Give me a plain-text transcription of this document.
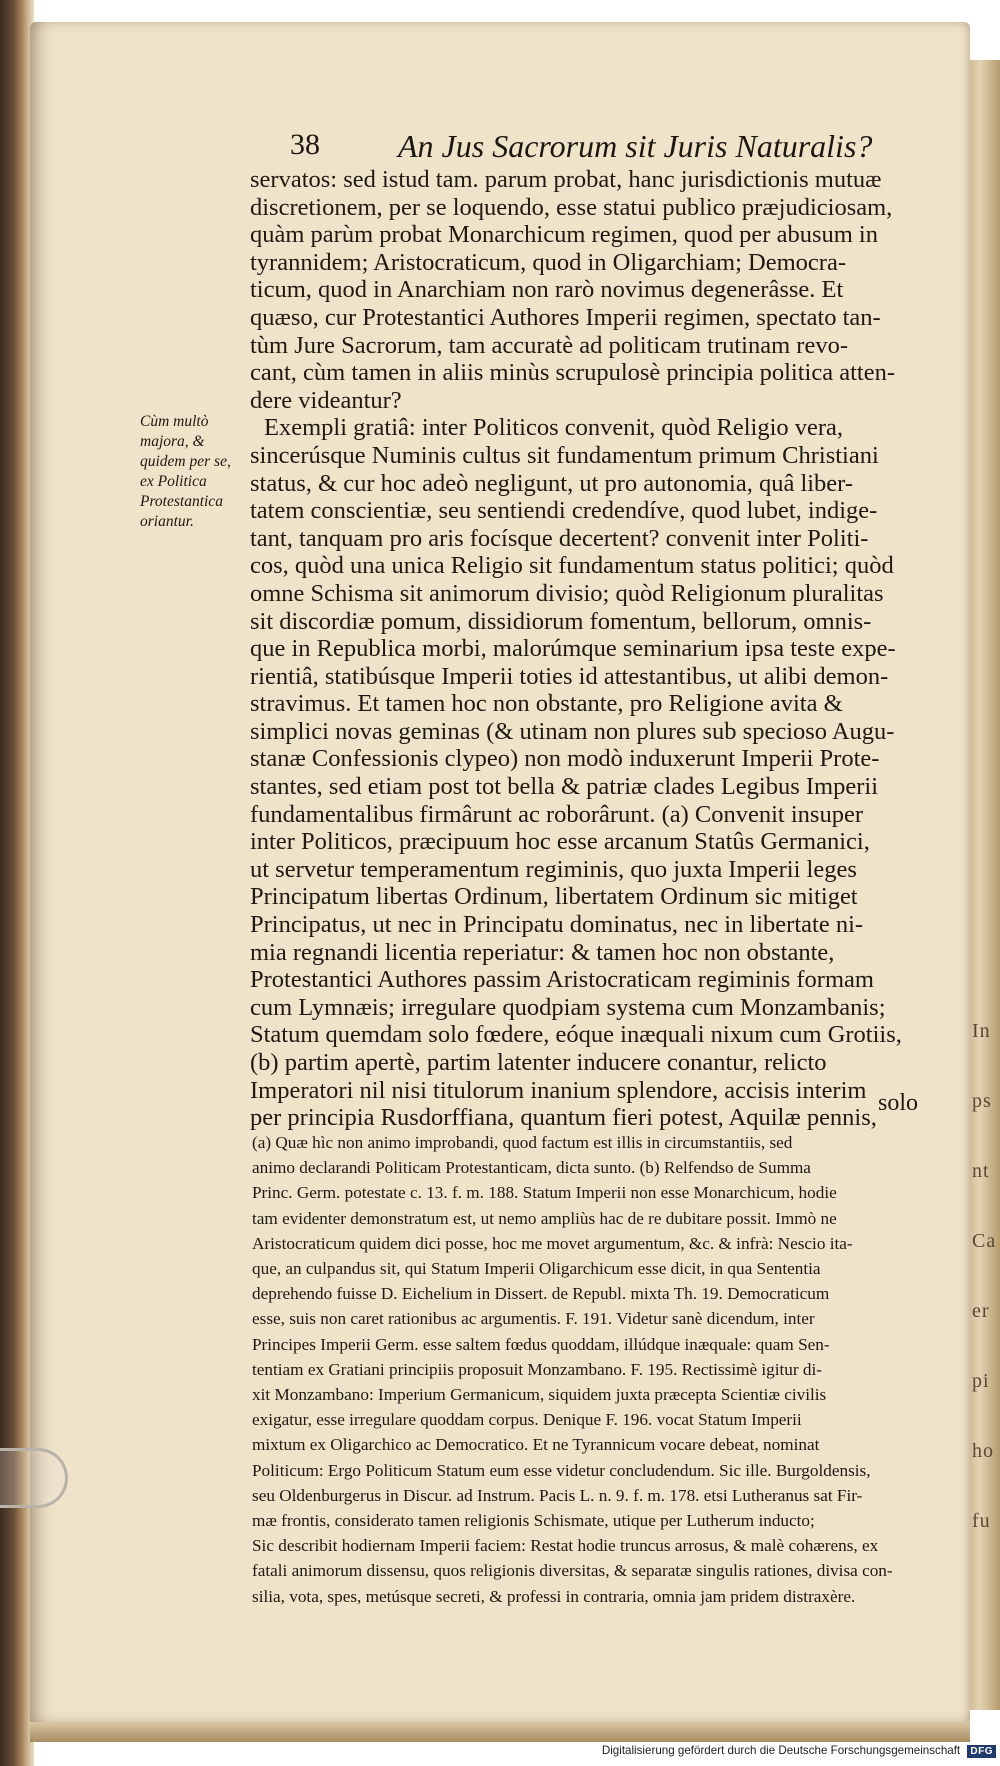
In
ps
nt
Ca
er
pi
ho
fu
38 An Jus Sacrorum sit Juris Naturalis?
Cùm multò
majora, &
quidem per se,
ex Politica
Protestantica
oriantur.
servatos: sed istud tam. parum probat, hanc jurisdictionis mutuæ
discretionem, per se loquendo, esse statui publico præjudiciosam,
quàm parùm probat Monarchicum regimen, quod per abusum in
tyrannidem; Aristocraticum, quod in Oligarchiam; Democra-
ticum, quod in Anarchiam non rarò novimus degenerâsse. Et
quæso, cur Protestantici Authores Imperii regimen, spectato tan-
tùm Jure Sacrorum, tam accuratè ad politicam trutinam revo-
cant, cùm tamen in aliis minùs scrupulosè principia politica atten-
dere videantur?
Exempli gratiâ: inter Politicos convenit, quòd Religio vera,
sincerúsque Numinis cultus sit fundamentum primum Christiani
status, & cur hoc adeò negligunt, ut pro autonomia, quâ liber-
tatem conscientiæ, seu sentiendi credendíve, quod lubet, indige-
tant, tanquam pro aris focísque decertent? convenit inter Politi-
cos, quòd una unica Religio sit fundamentum status politici; quòd
omne Schisma sit animorum divisio; quòd Religionum pluralitas
sit discordiæ pomum, dissidiorum fomentum, bellorum, omnis-
que in Republica morbi, malorúmque seminarium ipsa teste expe-
rientiâ, statibúsque Imperii toties id attestantibus, ut alibi demon-
stravimus. Et tamen hoc non obstante, pro Religione avita &
simplici novas geminas (& utinam non plures sub specioso Augu-
stanæ Confessionis clypeo) non modò induxerunt Imperii Prote-
stantes, sed etiam post tot bella & patriæ clades Legibus Imperii
fundamentalibus firmârunt ac roborârunt. (a) Convenit insuper
inter Politicos, præcipuum hoc esse arcanum Statûs Germanici,
ut servetur temperamentum regiminis, quo juxta Imperii leges
Principatum libertas Ordinum, libertatem Ordinum sic mitiget
Principatus, ut nec in Principatu dominatus, nec in libertate ni-
mia regnandi licentia reperiatur: & tamen hoc non obstante,
Protestantici Authores passim Aristocraticam regiminis formam
cum Lymnæis; irregulare quodpiam systema cum Monzambanis;
Statum quemdam solo fœdere, eóque inæquali nixum cum Grotiis,
(b) partim apertè, partim latenter inducere conantur, relicto
Imperatori nil nisi titulorum inanium splendore, accisis interim
per principia Rusdorffiana, quantum fieri potest, Aquilæ pennis,
solo
(a) Quæ hìc non animo improbandi, quod factum est illis in circumstantiis, sed
animo declarandi Politicam Protestanticam, dicta sunto. (b) Relfendso de Summa
Princ. Germ. potestate c. 13. f. m. 188. Statum Imperii non esse Monarchicum, hodie
tam evidenter demonstratum est, ut nemo ampliùs hac de re dubitare possit. Immò ne
Aristocraticum quidem dici posse, hoc me movet argumentum, &c. & infrà: Nescio ita-
que, an culpandus sit, qui Statum Imperii Oligarchicum esse dicit, in qua Sententia
deprehendo fuisse D. Eichelium in Dissert. de Republ. mixta Th. 19. Democraticum
esse, suis non caret rationibus ac argumentis. F. 191. Videtur sanè dicendum, inter
Principes Imperii Germ. esse saltem fœdus quoddam, illúdque inæquale: quam Sen-
tentiam ex Gratiani principiis proposuit Monzambano. F. 195. Rectissimè igitur di-
xit Monzambano: Imperium Germanicum, siquidem juxta præcepta Scientiæ civilis
exigatur, esse irregulare quoddam corpus. Denique F. 196. vocat Statum Imperii
mixtum ex Oligarchico ac Democratico. Et ne Tyrannicum vocare debeat, nominat
Politicum: Ergo Politicum Statum eum esse videtur concludendum. Sic ille. Burgoldensis,
seu Oldenburgerus in Discur. ad Instrum. Pacis L. n. 9. f. m. 178. etsi Lutheranus sat Fir-
mæ frontis, considerato tamen religionis Schismate, utique per Lutherum inducto;
Sic describit hodiernam Imperii faciem: Restat hodie truncus arrosus, & malè cohærens, ex
fatali animorum dissensu, quos religionis diversitas, & separatæ singulis rationes, divisa con-
silia, vota, spes, metúsque secreti, & professi in contraria, omnia jam pridem distraxère.
Digitalisierung gefördert durch die Deutsche Forschungsgemeinschaft DFG
